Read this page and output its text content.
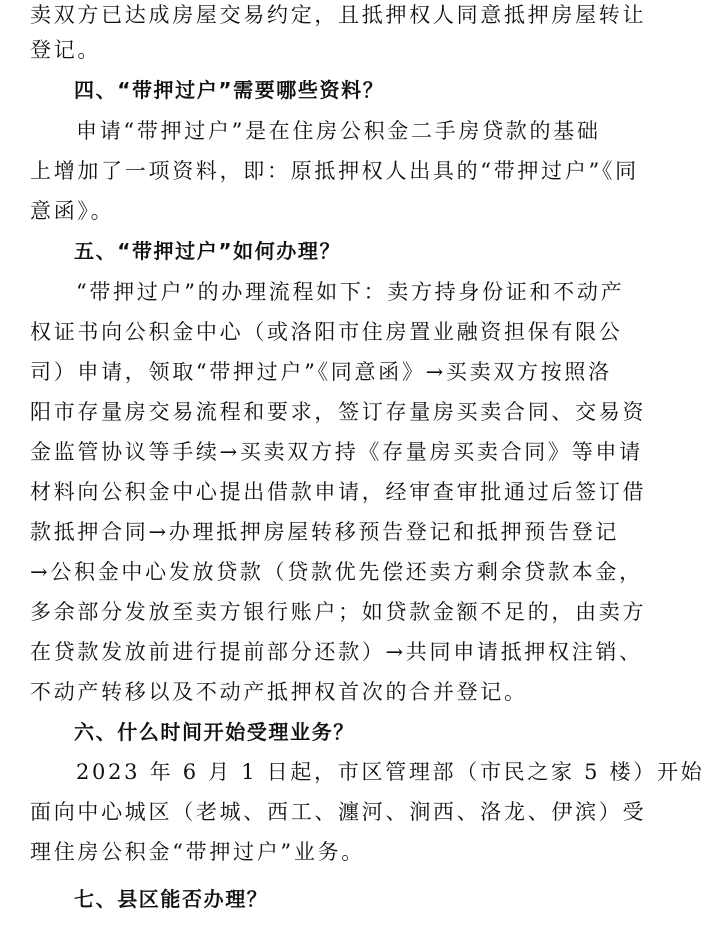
卖双方已达成房屋交易约定，且抵押权人同意抵押房屋转让
登记。
四、“带押过户”需要哪些资料？
申请“带押过户”是在住房公积金二手房贷款的基础
上增加了一项资料，即：原抵押权人出具的“带押过户”《同
意函》。
五、“带押过户”如何办理？
“带押过户”的办理流程如下：卖方持身份证和不动产
权证书向公积金中心（或洛阳市住房置业融资担保有限公
司）申请，领取“带押过户”《同意函》→买卖双方按照洛
阳市存量房交易流程和要求，签订存量房买卖合同、交易资
金监管协议等手续→买卖双方持《存量房买卖合同》等申请
材料向公积金中心提出借款申请，经审查审批通过后签订借
款抵押合同→办理抵押房屋转移预告登记和抵押预告登记
→公积金中心发放贷款（贷款优先偿还卖方剩余贷款本金，
多余部分发放至卖方银行账户；如贷款金额不足的，由卖方
在贷款发放前进行提前部分还款）→共同申请抵押权注销、
不动产转移以及不动产抵押权首次的合并登记。
六、什么时间开始受理业务？
2023 年 6 月 1 日起，市区管理部（市民之家 5 楼）开始
面向中心城区（老城、西工、瀍河、涧西、洛龙、伊滨）受
理住房公积金“带押过户”业务。
七、县区能否办理？
